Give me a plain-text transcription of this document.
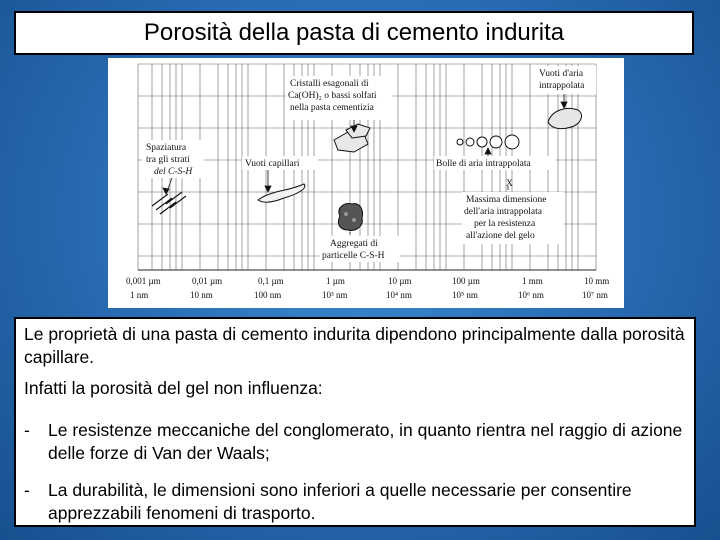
Porosità della pasta di cemento indurita
Spaziatura
tra gli strati
del C-S-H
Vuoti capillari
Cristalli esagonali di
Ca(OH)₂ o bassi solfati
nella pasta cementizia
Vuoti d'aria
intrappolata
Bolle di aria intrappolata
X
Massima dimensione
dell'aria intrappolata
per la resistenza
all'azione del gelo
Aggregati di
particelle C-S-H
0,001 µm	0,01 µm	0,1 µm	1 µm	10 µm	100 µm	1 mm	10 mm
1 nm	10 nm	100 nm	10³ nm	10⁴ nm	10⁵ nm	10⁶ nm	10⁷ nm

Le proprietà di una pasta di cemento indurita dipendono principalmente dalla porosità capillare.

Infatti la porosità del gel non influenza:

- Le resistenze meccaniche del conglomerato, in quanto rientra nel raggio di azione delle forze di Van der Waals;

- La durabilità, le dimensioni sono inferiori a quelle necessarie per consentire apprezzabili fenomeni di trasporto.
